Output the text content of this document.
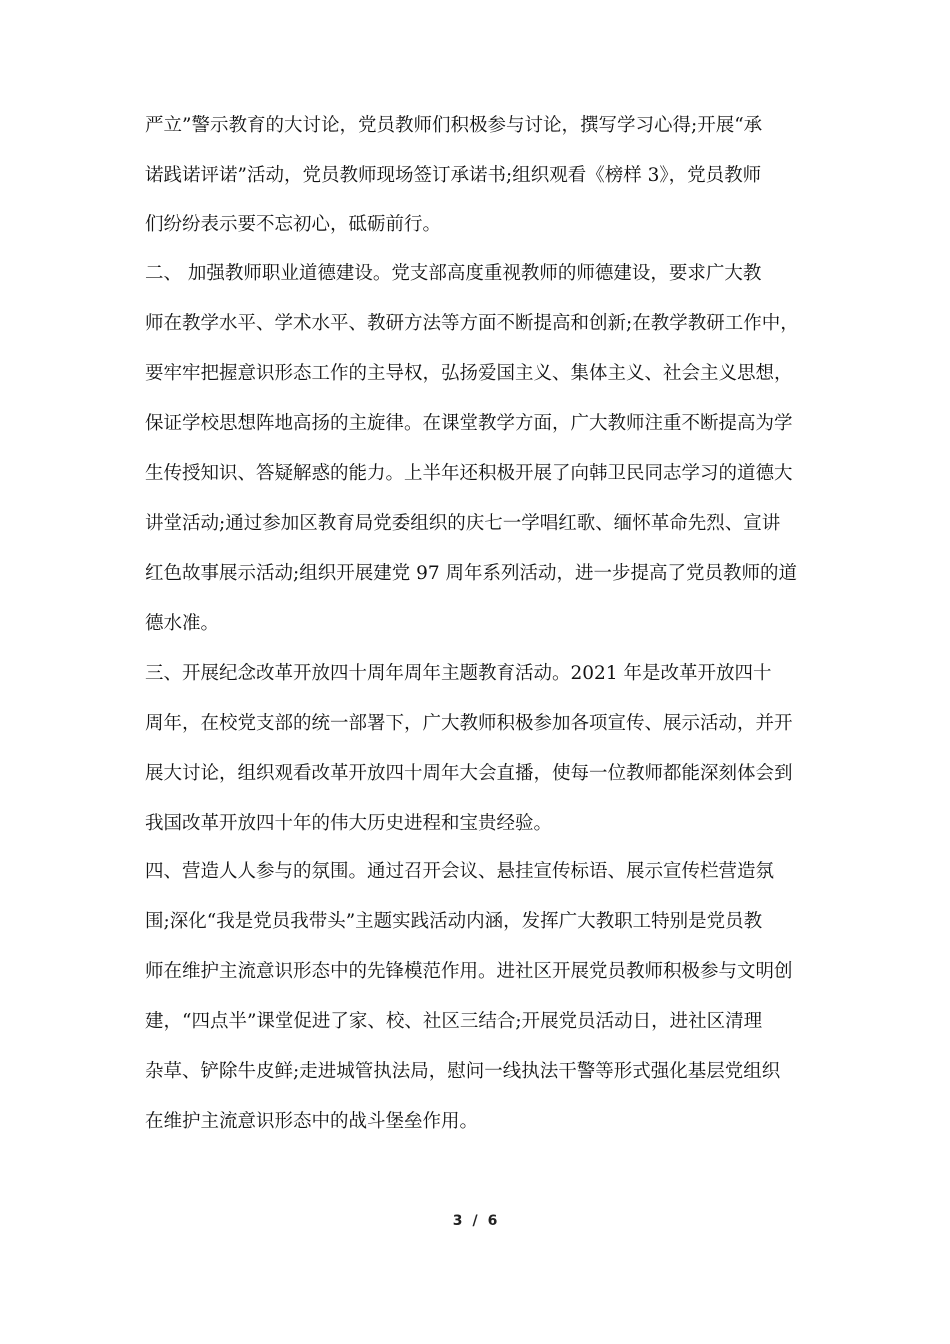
严立”警示教育的大讨论，党员教师们积极参与讨论，撰写学习心得;开展“承
诺践诺评诺”活动，党员教师现场签订承诺书;组织观看《榜样 3》，党员教师
们纷纷表示要不忘初心，砥砺前行。
二、 加强教师职业道德建设。党支部高度重视教师的师德建设，要求广大教
师在教学水平、学术水平、教研方法等方面不断提高和创新;在教学教研工作中，
要牢牢把握意识形态工作的主导权，弘扬爱国主义、集体主义、社会主义思想，
保证学校思想阵地高扬的主旋律。在课堂教学方面，广大教师注重不断提高为学
生传授知识、答疑解惑的能力。上半年还积极开展了向韩卫民同志学习的道德大
讲堂活动;通过参加区教育局党委组织的庆七一学唱红歌、缅怀革命先烈、宣讲
红色故事展示活动;组织开展建党 97 周年系列活动，进一步提高了党员教师的道
德水准。
三、开展纪念改革开放四十周年周年主题教育活动。2021 年是改革开放四十
周年，在校党支部的统一部署下，广大教师积极参加各项宣传、展示活动，并开
展大讨论，组织观看改革开放四十周年大会直播，使每一位教师都能深刻体会到
我国改革开放四十年的伟大历史进程和宝贵经验。
四、营造人人参与的氛围。通过召开会议、悬挂宣传标语、展示宣传栏营造氛
围;深化“我是党员我带头”主题实践活动内涵，发挥广大教职工特别是党员教
师在维护主流意识形态中的先锋模范作用。进社区开展党员教师积极参与文明创
建，“四点半”课堂促进了家、校、社区三结合;开展党员活动日，进社区清理
杂草、铲除牛皮鲜;走进城管执法局，慰问一线执法干警等形式强化基层党组织
在维护主流意识形态中的战斗堡垒作用。
3 / 6
